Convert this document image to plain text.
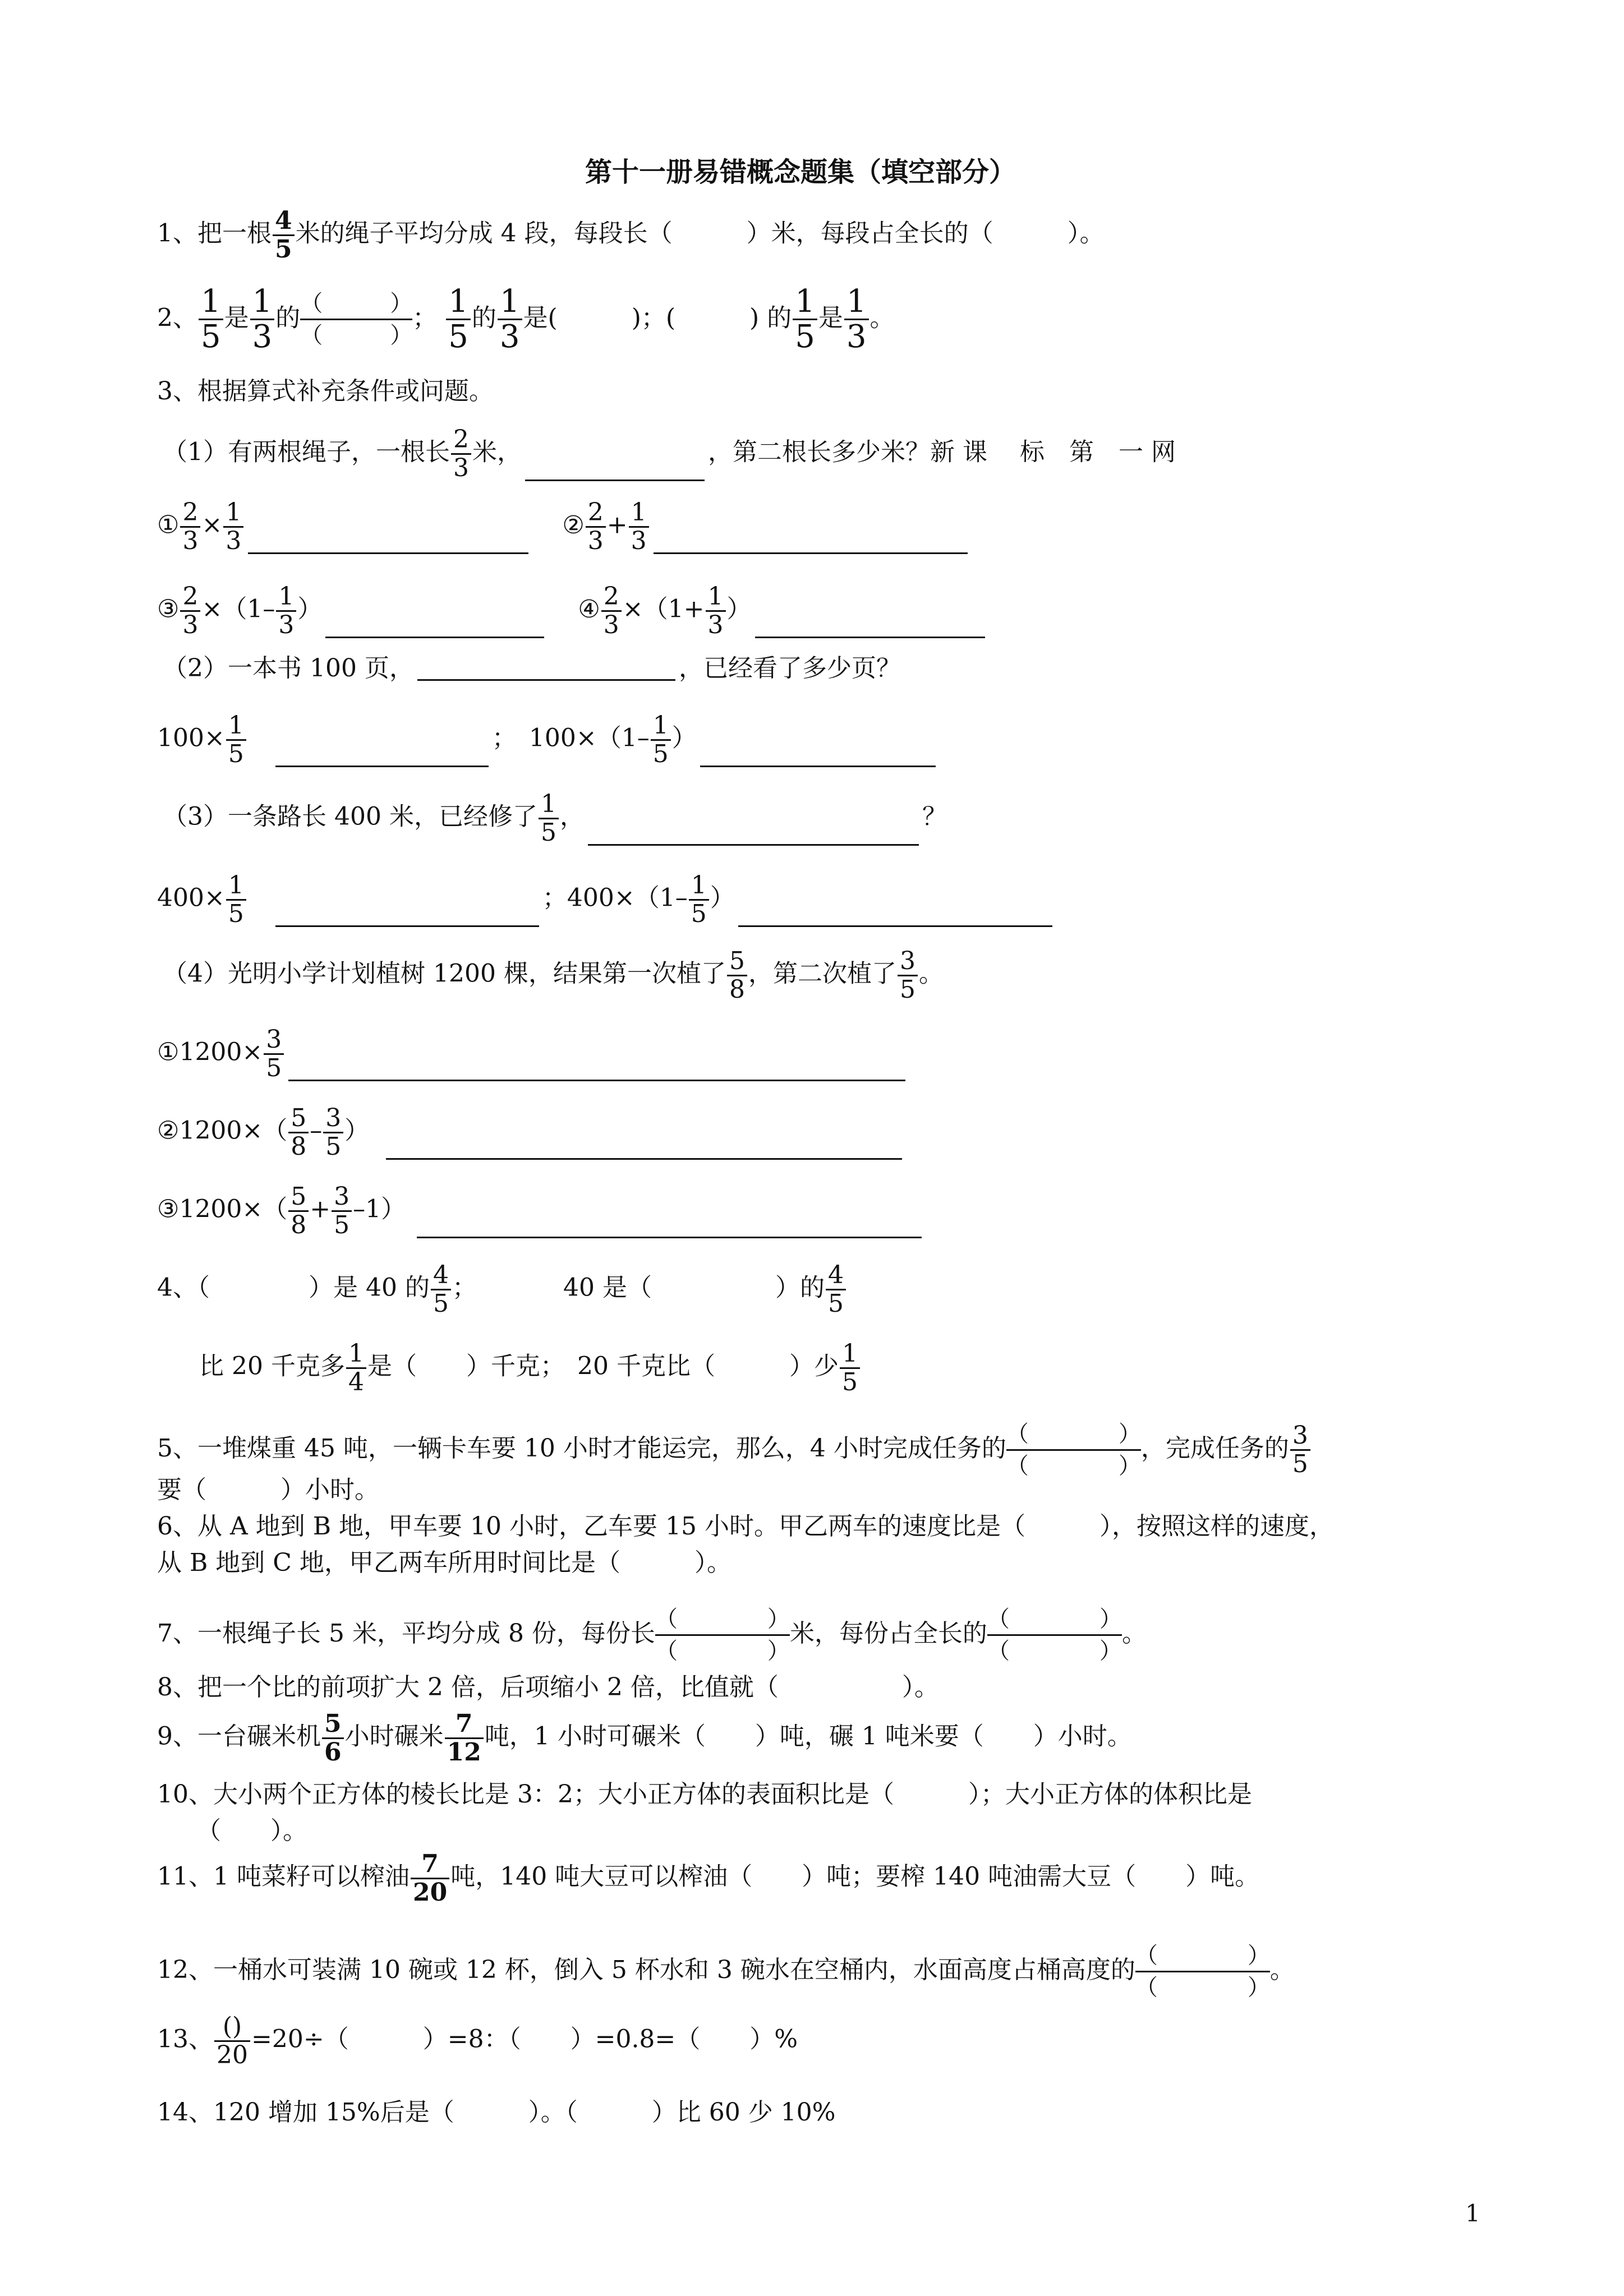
第十一册易错概念题集（填空部分）
1、把一根 $\frac{4}{5}$ 米的绳子平均分成 4 段，每段长（　　　）米，每段占全长的（　　　）。
2、 $\frac{1}{5}$ 是 $\frac{1}{3}$ 的 $\frac{( )}{( )}$ ； $\frac{1}{5}$ 的 $\frac{1}{3}$ 是(　　　)；(　　　) 的 $\frac{1}{5}$ 是 $\frac{1}{3}$ 。
3、根据算式补充条件或问题。
（1）有两根绳子，一根长 $\frac{2}{3}$ 米，	，第二根长多少米？新 课　 标　第　一 网
① $\frac{2}{3} \times \frac{1}{3}$	② $\frac{2}{3} + \frac{1}{3}$
③ $\frac{2}{3} \times(1- \frac{1}{3}$ ）	④ $\frac{2}{3} \times(1+ \frac{1}{3}$ ）
（2）一本书 100 页，	，已经看了多少页？
$100\times \frac{1}{5}$	；　$100\times(1- \frac{1}{5}$ ）
（3）一条路长 400 米，已经修了 $\frac{1}{5}$ ，	？
$400\times \frac{1}{5}$	；$400\times(1- \frac{1}{5}$ ）
（4）光明小学计划植树 1200 棵，结果第一次植了 $\frac{5}{8}$ ，第二次植了 $\frac{3}{5}$ 。
①1200× $\frac{3}{5}$
②1200×（ $\frac{5}{8} - \frac{3}{5}$ ）
③1200×（ $\frac{5}{8} + \frac{3}{5} -1$）
4、（　　　　）是 40 的 $\frac{4}{5}$ ；　　　　40 是（　　　　　）的 $\frac{4}{5}$
比 20 千克多 $\frac{1}{4}$ 是（　　）千克；　20 千克比（　　　）少 $\frac{1}{5}$
5、一堆煤重 45 吨，一辆卡车要 10 小时才能运完，那么，4 小时完成任务的 $\frac{( )}{( )}$ ，完成任务的 $\frac{3}{5}$
要（　　　）小时。
6、从 A 地到 B 地，甲车要 10 小时，乙车要 15 小时。甲乙两车的速度比是（　　　），按照这样的速度，
从 B 地到 C 地，甲乙两车所用时间比是（　　　）。
7、一根绳子长 5 米，平均分成 8 份，每份长 $\frac{( )}{( )}$ 米，每份占全长的 $\frac{( )}{( )}$ 。
8、把一个比的前项扩大 2 倍，后项缩小 2 倍，比值就（　　　　　）。
9、一台碾米机 $\frac{5}{6}$ 小时碾米 $\frac{7}{12}$ 吨，1 小时可碾米（　　）吨，碾 1 吨米要（　　）小时。
10、大小两个正方体的棱长比是 3：2；大小正方体的表面积比是（　　　）；大小正方体的体积比是
（　　）。
11、1 吨菜籽可以榨油 $\frac{7}{20}$ 吨，140 吨大豆可以榨油（　　）吨；要榨 140 吨油需大豆（　　）吨。
12、一桶水可装满 10 碗或 12 杯，倒入 5 杯水和 3 碗水在空桶内，水面高度占桶高度的 $\frac{( )}{( )}$ 。
13、 $\frac{()}{20} =20\div$（　　　）=8：（　　）=0.8=（　　）%
14、120 增加 15%后是（　　　）。（　　　）比 60 少 10%
1
